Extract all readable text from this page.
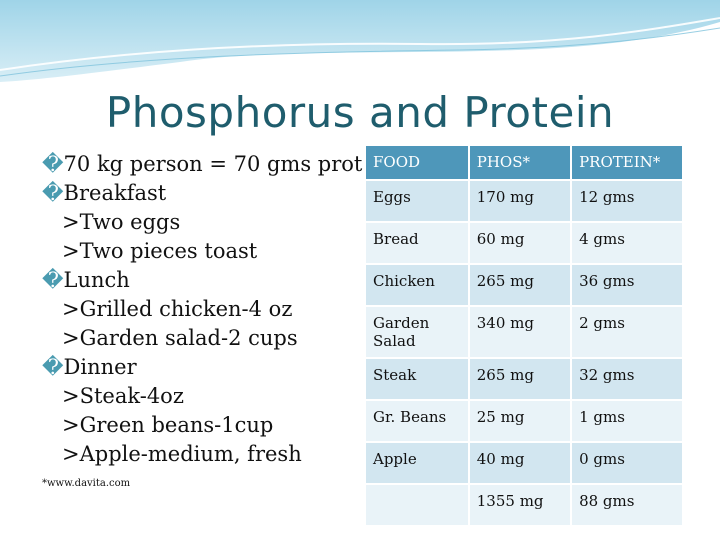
Phosphorus and Protein
�70 kg person = 70 gms prot
�Breakfast
>Two eggs
>Two pieces toast
�Lunch
>Grilled chicken-4 oz
>Garden salad-2 cups
�Dinner
>Steak-4oz
>Green beans-1cup
>Apple-medium, fresh
*www.davita.com
FOOD	PHOS*	PROTEIN*
Eggs	170 mg	12 gms
Bread	60 mg	4 gms
Chicken	265 mg	36 gms
Garden Salad	340 mg	2 gms
Steak	265 mg	32 gms
Gr. Beans	25 mg	1 gms
Apple	40 mg	0 gms
	1355 mg	88 gms
